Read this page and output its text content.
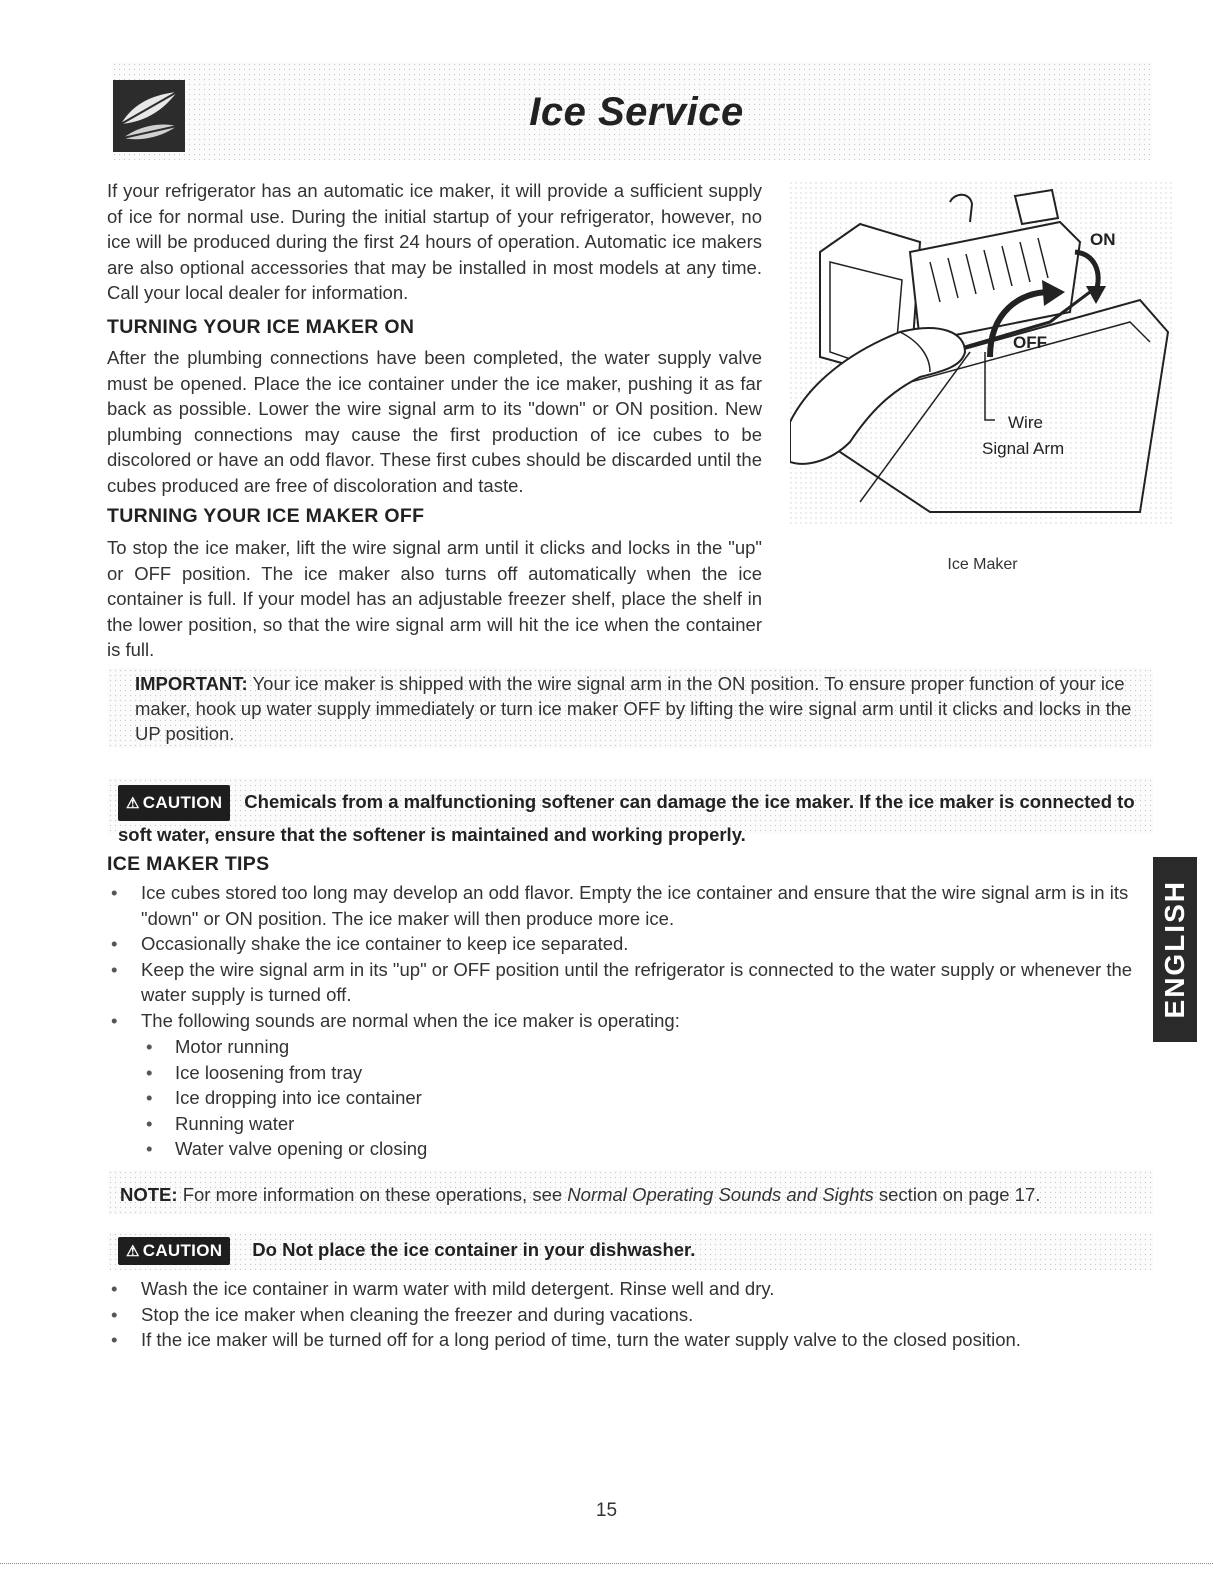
Ice Service
If your refrigerator has an automatic ice maker, it will provide a sufficient supply of ice for normal use. During the initial startup of your refrigerator, however, no ice will be produced during the first 24 hours of operation. Automatic ice makers are also optional accessories that may be installed in most models at any time. Call your local dealer for information.
TURNING YOUR ICE MAKER ON
After the plumbing connections have been completed, the water supply valve must be opened. Place the ice container under the ice maker, pushing it as far back as possible. Lower the wire signal arm to its "down" or ON position. New plumbing connections may cause the first production of ice cubes to be discolored or have an odd flavor. These first cubes should be discarded until the cubes produced are free of discoloration and taste.
TURNING YOUR ICE MAKER OFF
To stop the ice maker, lift the wire signal arm until it clicks and locks in the "up" or OFF position. The ice maker also turns off automatically when the ice container is full. If your model has an adjustable freezer shelf, place the shelf in the lower position, so that the wire signal arm will hit the ice when the container is full.
ON
OFF
Wire
Signal Arm
Ice Maker
IMPORTANT: Your ice maker is shipped with the wire signal arm in the ON position. To ensure proper function of your ice maker, hook up water supply immediately or turn ice maker OFF by lifting the wire signal arm until it clicks and locks in the UP position.
⚠ CAUTION Chemicals from a malfunctioning softener can damage the ice maker. If the ice maker is connected to soft water, ensure that the softener is maintained and working properly.
ICE MAKER TIPS
• Ice cubes stored too long may develop an odd flavor. Empty the ice container and ensure that the wire signal arm is in its "down" or ON position. The ice maker will then produce more ice.
• Occasionally shake the ice container to keep ice separated.
• Keep the wire signal arm in its "up" or OFF position until the refrigerator is connected to the water supply or whenever the water supply is turned off.
• The following sounds are normal when the ice maker is operating:
• Motor running
• Ice loosening from tray
• Ice dropping into ice container
• Running water
• Water valve opening or closing
NOTE: For more information on these operations, see Normal Operating Sounds and Sights section on page 17.
⚠ CAUTION Do Not place the ice container in your dishwasher.
• Wash the ice container in warm water with mild detergent. Rinse well and dry.
• Stop the ice maker when cleaning the freezer and during vacations.
• If the ice maker will be turned off for a long period of time, turn the water supply valve to the closed position.
ENGLISH
15
